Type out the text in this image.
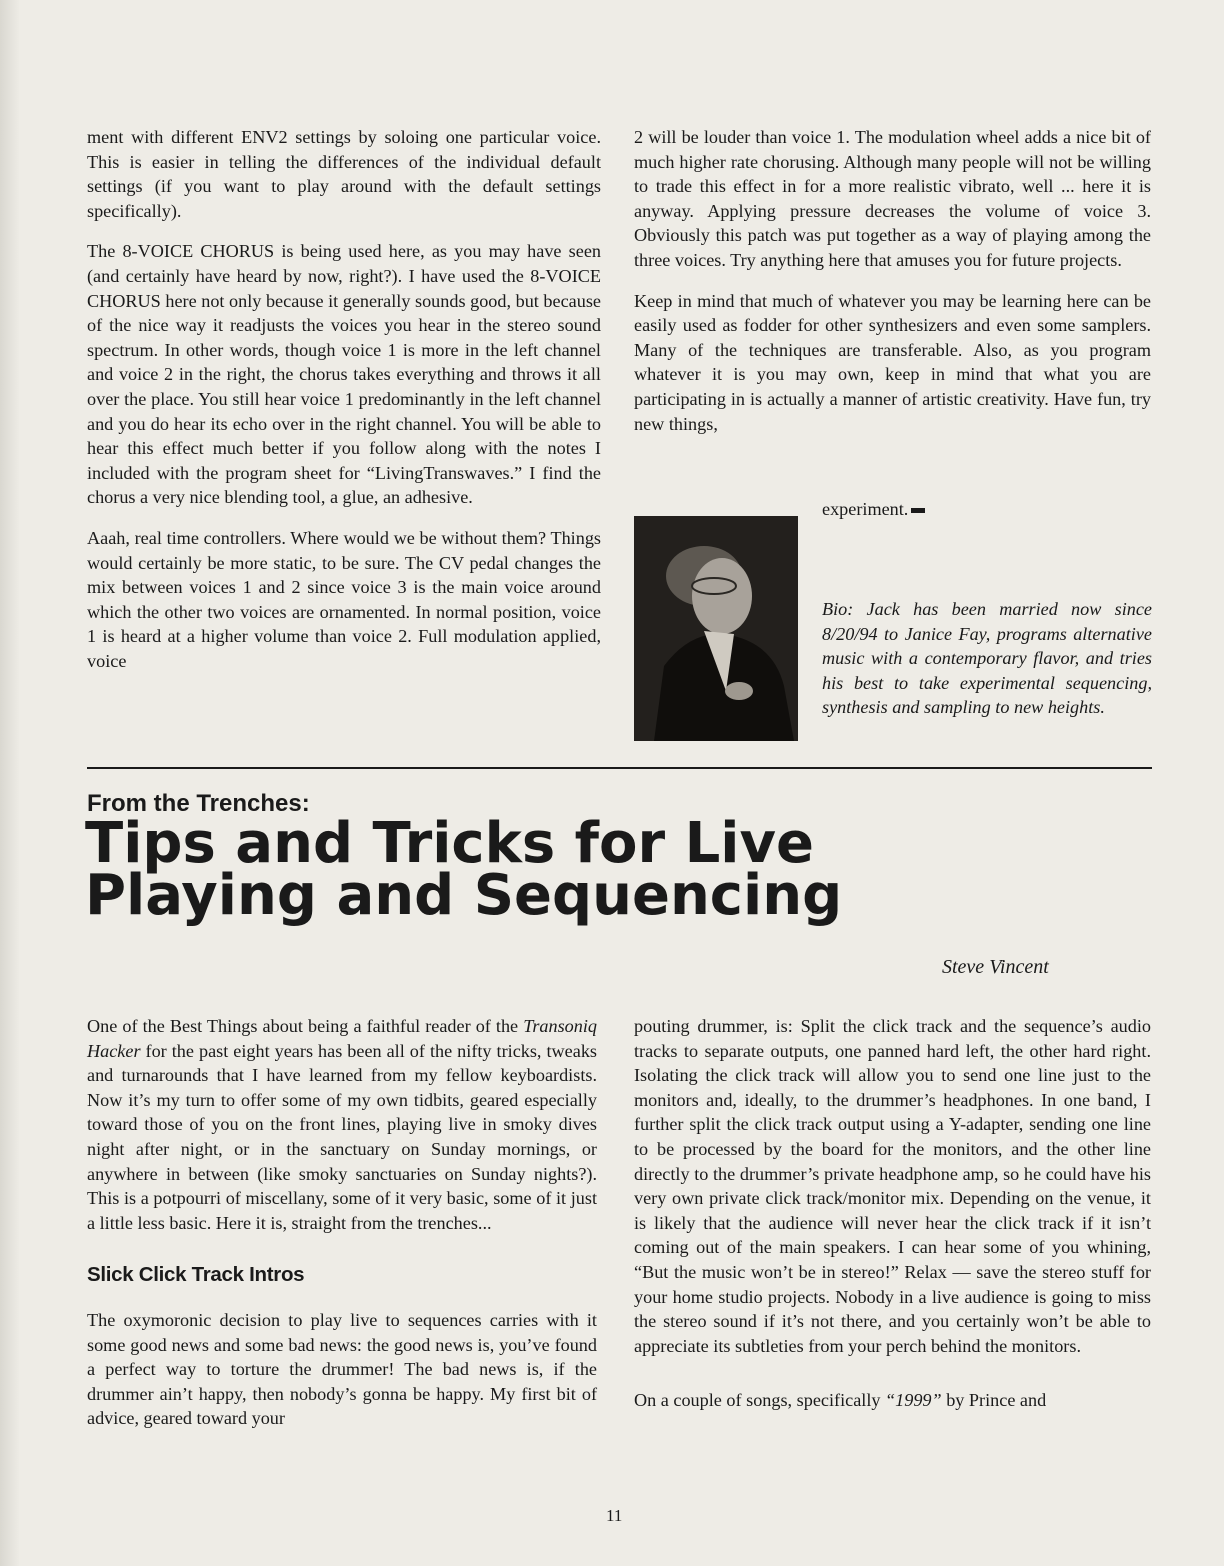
ment with different ENV2 settings by soloing one particular voice. This is easier in telling the differences of the individual default settings (if you want to play around with the default settings specifically).

The 8-VOICE CHORUS is being used here, as you may have seen (and certainly have heard by now, right?). I have used the 8-VOICE CHORUS here not only because it generally sounds good, but because of the nice way it readjusts the voices you hear in the stereo sound spectrum. In other words, though voice 1 is more in the left channel and voice 2 in the right, the chorus takes everything and throws it all over the place. You still hear voice 1 predominantly in the left channel and you do hear its echo over in the right channel. You will be able to hear this effect much better if you follow along with the notes I included with the program sheet for “LivingTranswaves.” I find the chorus a very nice blending tool, a glue, an adhesive.

Aaah, real time controllers. Where would we be without them? Things would certainly be more static, to be sure. The CV pedal changes the mix between voices 1 and 2 since voice 3 is the main voice around which the other two voices are ornamented. In normal position, voice 1 is heard at a higher volume than voice 2. Full modulation applied, voice

2 will be louder than voice 1. The modulation wheel adds a nice bit of much higher rate chorusing. Although many people will not be willing to trade this effect in for a more realistic vibrato, well ... here it is anyway. Applying pressure decreases the volume of voice 3. Obviously this patch was put together as a way of playing among the three voices. Try anything here that amuses you for future projects.

Keep in mind that much of whatever you may be learning here can be easily used as fodder for other synthesizers and even some samplers. Many of the techniques are transferable. Also, as you program whatever it is you may own, keep in mind that what you are participating in is actually a manner of artistic creativity. Have fun, try new things,

experiment.
Bio: Jack has been married now since 8/20/94 to Janice Fay, programs alternative music with a contemporary flavor, and tries his best to take experimental sequencing, synthesis and sampling to new heights.
From the Trenches:
Tips and Tricks for Live
Playing and Sequencing
Steve Vincent

One of the Best Things about being a faithful reader of the Transoniq Hacker for the past eight years has been all of the nifty tricks, tweaks and turnarounds that I have learned from my fellow keyboardists. Now it’s my turn to offer some of my own tidbits, geared especially toward those of you on the front lines, playing live in smoky dives night after night, or in the sanctuary on Sunday mornings, or anywhere in between (like smoky sanctuaries on Sunday nights?). This is a potpourri of miscellany, some of it very basic, some of it just a little less basic. Here it is, straight from the trenches...

Slick Click Track Intros

The oxymoronic decision to play live to sequences carries with it some good news and some bad news: the good news is, you’ve found a perfect way to torture the drummer! The bad news is, if the drummer ain’t happy, then nobody’s gonna be happy. My first bit of advice, geared toward your

pouting drummer, is: Split the click track and the sequence’s audio tracks to separate outputs, one panned hard left, the other hard right. Isolating the click track will allow you to send one line just to the monitors and, ideally, to the drummer’s headphones. In one band, I further split the click track output using a Y-adapter, sending one line to be processed by the board for the monitors, and the other line directly to the drummer’s private headphone amp, so he could have his very own private click track/monitor mix. Depending on the venue, it is likely that the audience will never hear the click track if it isn’t coming out of the main speakers. I can hear some of you whining, “But the music won’t be in stereo!” Relax — save the stereo stuff for your home studio projects. Nobody in a live audience is going to miss the stereo sound if it’s not there, and you certainly won’t be able to appreciate its subtleties from your perch behind the monitors.

On a couple of songs, specifically “1999” by Prince and

11
